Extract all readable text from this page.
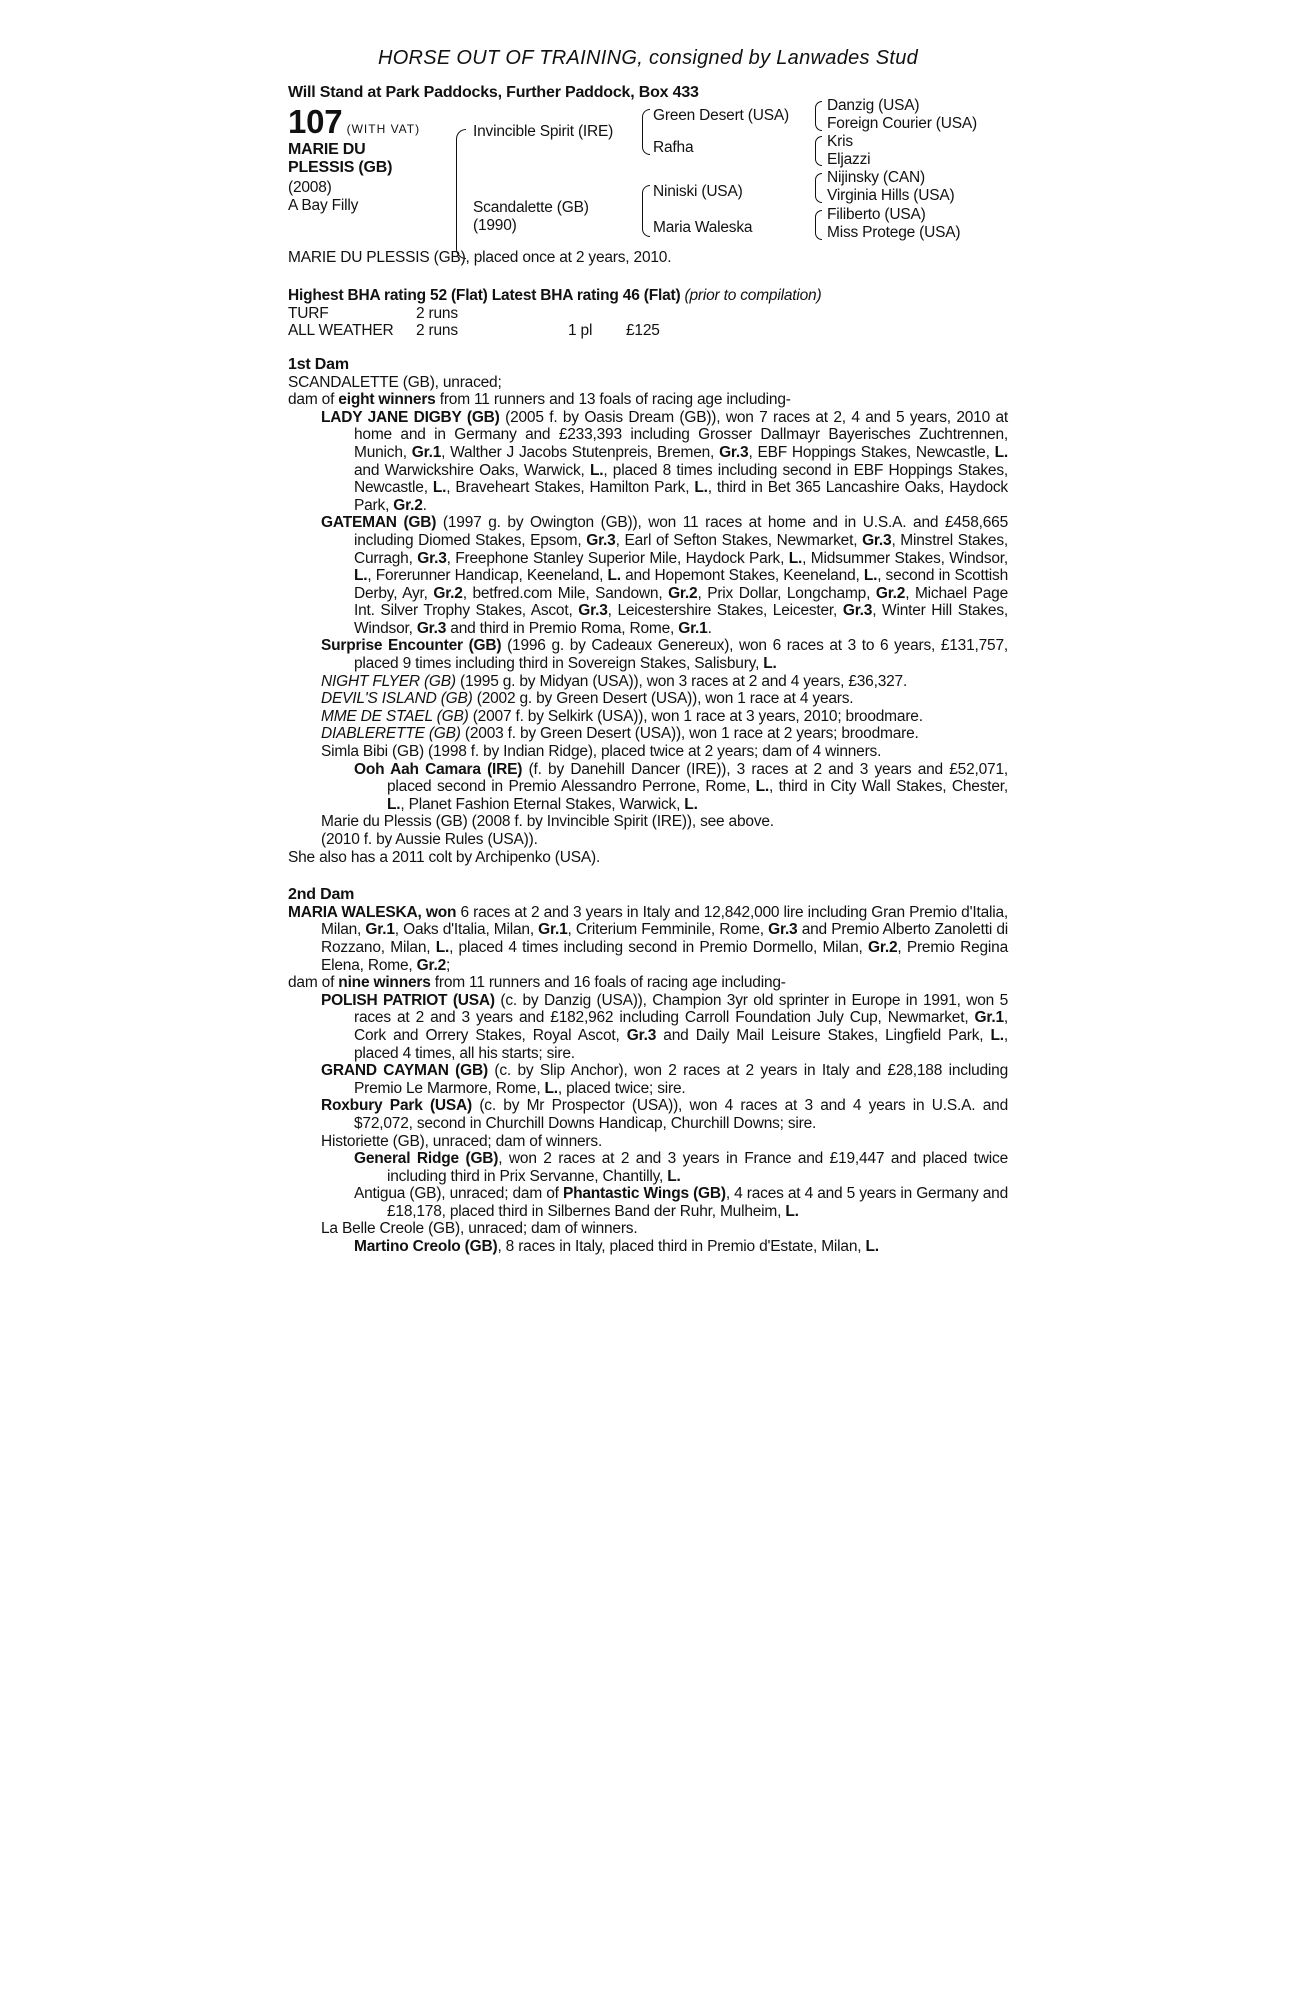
HORSE OUT OF TRAINING, consigned by Lanwades Stud
Will Stand at Park Paddocks, Further Paddock, Box 433
107 (WITH VAT)
MARIE DU
PLESSIS (GB)
(2008)
A Bay Filly
Invincible Spirit (IRE)
Scandalette (GB)
(1990)
Green Desert (USA)
Rafha
Niniski (USA)
Maria Waleska
Danzig (USA)
Foreign Courier (USA)
Kris
Eljazzi
Nijinsky (CAN)
Virginia Hills (USA)
Filiberto (USA)
Miss Protege (USA)
MARIE DU PLESSIS (GB), placed once at 2 years, 2010.
Highest BHA rating 52 (Flat) Latest BHA rating 46 (Flat) (prior to compilation)
TURF	2 runs
ALL WEATHER 2 runs	1 pl £125
1st Dam

SCANDALETTE (GB), unraced;

dam of eight winners from 11 runners and 13 foals of racing age including-

LADY JANE DIGBY (GB) (2005 f. by Oasis Dream (GB)), won 7 races at 2, 4 and 5 years, 2010 at home and in Germany and £233,393 including Grosser Dallmayr Bayerisches Zuchtrennen, Munich, Gr.1, Walther J Jacobs Stutenpreis, Bremen, Gr.3, EBF Hoppings Stakes, Newcastle, L. and Warwickshire Oaks, Warwick, L., placed 8 times including second in EBF Hoppings Stakes, Newcastle, L., Braveheart Stakes, Hamilton Park, L., third in Bet 365 Lancashire Oaks, Haydock Park, Gr.2.

GATEMAN (GB) (1997 g. by Owington (GB)), won 11 races at home and in U.S.A. and £458,665 including Diomed Stakes, Epsom, Gr.3, Earl of Sefton Stakes, Newmarket, Gr.3, Minstrel Stakes, Curragh, Gr.3, Freephone Stanley Superior Mile, Haydock Park, L., Midsummer Stakes, Windsor, L., Forerunner Handicap, Keeneland, L. and Hopemont Stakes, Keeneland, L., second in Scottish Derby, Ayr, Gr.2, betfred.com Mile, Sandown, Gr.2, Prix Dollar, Longchamp, Gr.2, Michael Page Int. Silver Trophy Stakes, Ascot, Gr.3, Leicestershire Stakes, Leicester, Gr.3, Winter Hill Stakes, Windsor, Gr.3 and third in Premio Roma, Rome, Gr.1.

Surprise Encounter (GB) (1996 g. by Cadeaux Genereux), won 6 races at 3 to 6 years, £131,757, placed 9 times including third in Sovereign Stakes, Salisbury, L.

NIGHT FLYER (GB) (1995 g. by Midyan (USA)), won 3 races at 2 and 4 years, £36,327.

DEVIL'S ISLAND (GB) (2002 g. by Green Desert (USA)), won 1 race at 4 years.

MME DE STAEL (GB) (2007 f. by Selkirk (USA)), won 1 race at 3 years, 2010; broodmare.

DIABLERETTE (GB) (2003 f. by Green Desert (USA)), won 1 race at 2 years; broodmare.

Simla Bibi (GB) (1998 f. by Indian Ridge), placed twice at 2 years; dam of 4 winners.

Ooh Aah Camara (IRE) (f. by Danehill Dancer (IRE)), 3 races at 2 and 3 years and £52,071, placed second in Premio Alessandro Perrone, Rome, L., third in City Wall Stakes, Chester, L., Planet Fashion Eternal Stakes, Warwick, L.

Marie du Plessis (GB) (2008 f. by Invincible Spirit (IRE)), see above.

(2010 f. by Aussie Rules (USA)).

She also has a 2011 colt by Archipenko (USA).

2nd Dam

MARIA WALESKA, won 6 races at 2 and 3 years in Italy and 12,842,000 lire including Gran Premio d'Italia, Milan, Gr.1, Oaks d'Italia, Milan, Gr.1, Criterium Femminile, Rome, Gr.3 and Premio Alberto Zanoletti di Rozzano, Milan, L., placed 4 times including second in Premio Dormello, Milan, Gr.2, Premio Regina Elena, Rome, Gr.2;

dam of nine winners from 11 runners and 16 foals of racing age including-

POLISH PATRIOT (USA) (c. by Danzig (USA)), Champion 3yr old sprinter in Europe in 1991, won 5 races at 2 and 3 years and £182,962 including Carroll Foundation July Cup, Newmarket, Gr.1, Cork and Orrery Stakes, Royal Ascot, Gr.3 and Daily Mail Leisure Stakes, Lingfield Park, L., placed 4 times, all his starts; sire.

GRAND CAYMAN (GB) (c. by Slip Anchor), won 2 races at 2 years in Italy and £28,188 including Premio Le Marmore, Rome, L., placed twice; sire.

Roxbury Park (USA) (c. by Mr Prospector (USA)), won 4 races at 3 and 4 years in U.S.A. and $72,072, second in Churchill Downs Handicap, Churchill Downs; sire.

Historiette (GB), unraced; dam of winners.

General Ridge (GB), won 2 races at 2 and 3 years in France and £19,447 and placed twice including third in Prix Servanne, Chantilly, L.

Antigua (GB), unraced; dam of Phantastic Wings (GB), 4 races at 4 and 5 years in Germany and £18,178, placed third in Silbernes Band der Ruhr, Mulheim, L.

La Belle Creole (GB), unraced; dam of winners.

Martino Creolo (GB), 8 races in Italy, placed third in Premio d'Estate, Milan, L.
